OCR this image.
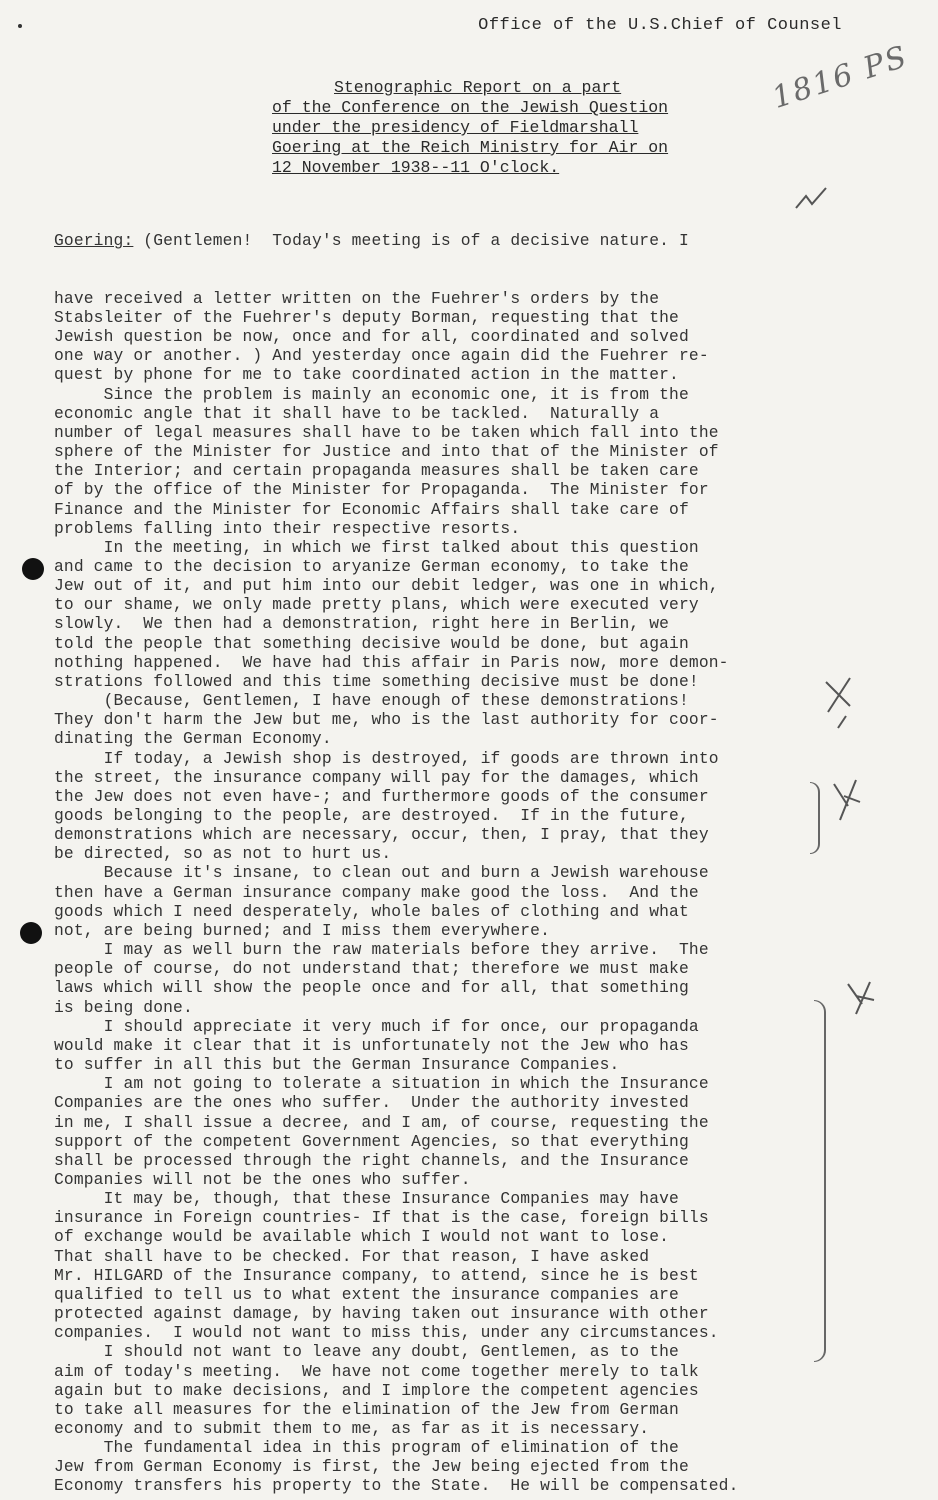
Office of the U.S.Chief of Counsel
Stenographic Report on a part
of the Conference on the Jewish Question
under the presidency of Fieldmarshall
Goering at the Reich Ministry for Air on
12 November 1938--11 O'clock.
1816 PS

Goering: (Gentlemen!  Today's meeting is of a decisive nature. I

have received a letter written on the Fuehrer's orders by the
Stabsleiter of the Fuehrer's deputy Borman, requesting that the
Jewish question be now, once and for all, coordinated and solved
one way or another. ) And yesterday once again did the Fuehrer re-
quest by phone for me to take coordinated action in the matter.
Since the problem is mainly an economic one, it is from the
economic angle that it shall have to be tackled.  Naturally a
number of legal measures shall have to be taken which fall into the
sphere of the Minister for Justice and into that of the Minister of
the Interior; and certain propaganda measures shall be taken care
of by the office of the Minister for Propaganda.  The Minister for
Finance and the Minister for Economic Affairs shall take care of
problems falling into their respective resorts.
In the meeting, in which we first talked about this question
and came to the decision to aryanize German economy, to take the
Jew out of it, and put him into our debit ledger, was one in which,
to our shame, we only made pretty plans, which were executed very
slowly.  We then had a demonstration, right here in Berlin, we
told the people that something decisive would be done, but again
nothing happened.  We have had this affair in Paris now, more demon-
strations followed and this time something decisive must be done!
(Because, Gentlemen, I have enough of these demonstrations!
They don't harm the Jew but me, who is the last authority for coor-
dinating the German Economy.
If today, a Jewish shop is destroyed, if goods are thrown into
the street, the insurance company will pay for the damages, which
the Jew does not even have-; and furthermore goods of the consumer
goods belonging to the people, are destroyed.  If in the future,
demonstrations which are necessary, occur, then, I pray, that they
be directed, so as not to hurt us.
Because it's insane, to clean out and burn a Jewish warehouse
then have a German insurance company make good the loss.  And the
goods which I need desperately, whole bales of clothing and what
not, are being burned; and I miss them everywhere.
I may as well burn the raw materials before they arrive.  The
people of course, do not understand that; therefore we must make
laws which will show the people once and for all, that something
is being done.
I should appreciate it very much if for once, our propaganda
would make it clear that it is unfortunately not the Jew who has
to suffer in all this but the German Insurance Companies.
I am not going to tolerate a situation in which the Insurance
Companies are the ones who suffer.  Under the authority invested
in me, I shall issue a decree, and I am, of course, requesting the
support of the competent Government Agencies, so that everything
shall be processed through the right channels, and the Insurance
Companies will not be the ones who suffer.
It may be, though, that these Insurance Companies may have
insurance in Foreign countries- If that is the case, foreign bills
of exchange would be available which I would not want to lose.
That shall have to be checked. For that reason, I have asked
Mr. HILGARD of the Insurance company, to attend, since he is best
qualified to tell us to what extent the insurance companies are
protected against damage, by having taken out insurance with other
companies.  I would not want to miss this, under any circumstances.
I should not want to leave any doubt, Gentlemen, as to the
aim of today's meeting.  We have not come together merely to talk
again but to make decisions, and I implore the competent agencies
to take all measures for the elimination of the Jew from German
economy and to submit them to me, as far as it is necessary.
The fundamental idea in this program of elimination of the
Jew from German Economy is first, the Jew being ejected from the
Economy transfers his property to the State.  He will be compensated.
